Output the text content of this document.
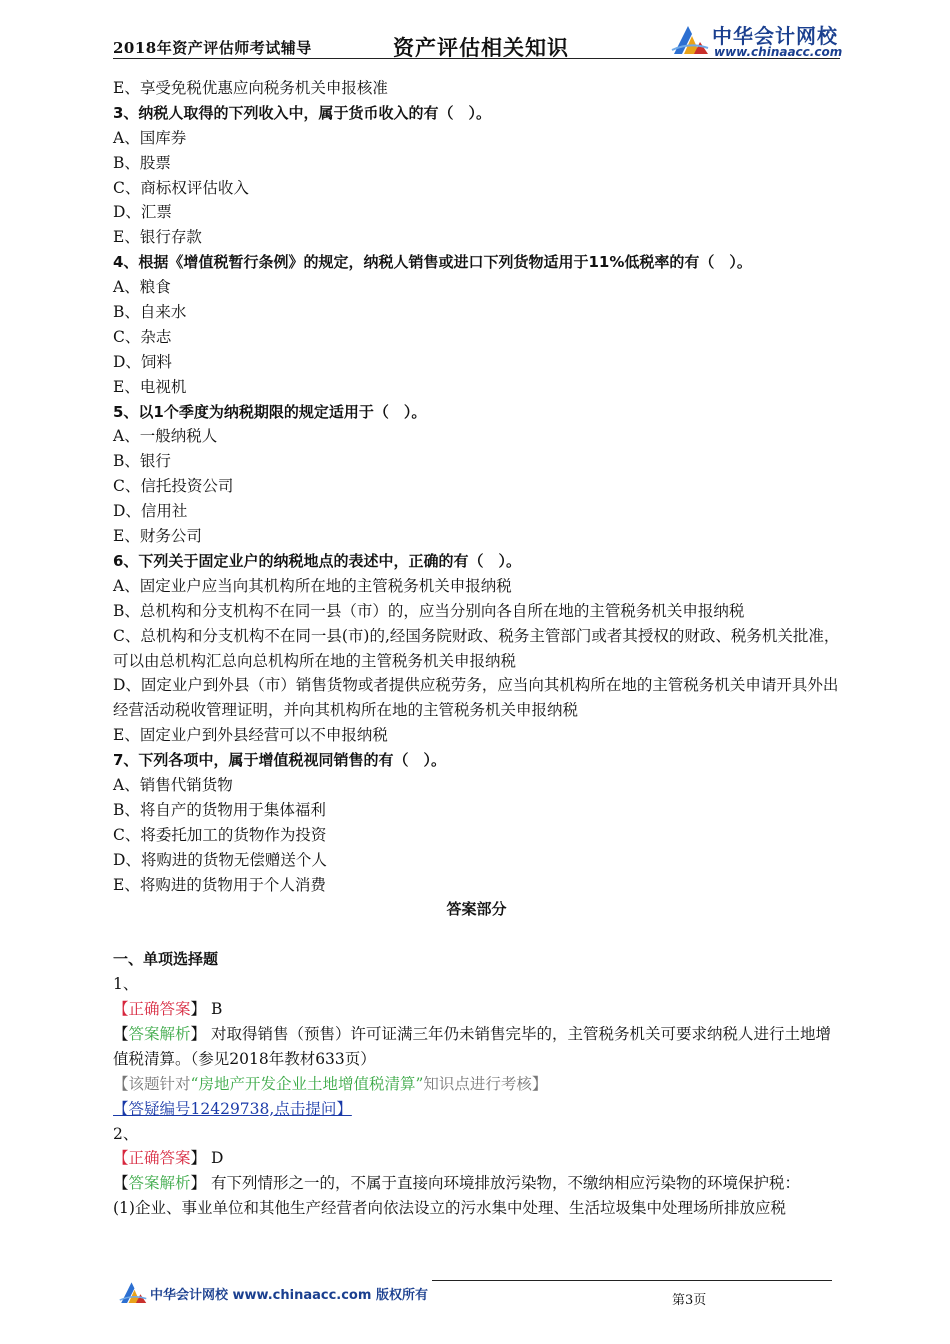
2018年资产评估师考试辅导	资产评估相关知识	中华会计网校
www.chinaacc.com
E、享受免税优惠应向税务机关申报核准
3、纳税人取得的下列收入中，属于货币收入的有（　）。
A、国库券
B、股票
C、商标权评估收入
D、汇票
E、银行存款
4、根据《增值税暂行条例》的规定，纳税人销售或进口下列货物适用于11%低税率的有（　）。
A、粮食
B、自来水
C、杂志
D、饲料
E、电视机
5、以1个季度为纳税期限的规定适用于（　）。
A、一般纳税人
B、银行
C、信托投资公司
D、信用社
E、财务公司
6、下列关于固定业户的纳税地点的表述中，正确的有（　）。
A、固定业户应当向其机构所在地的主管税务机关申报纳税
B、总机构和分支机构不在同一县（市）的，应当分别向各自所在地的主管税务机关申报纳税
C、总机构和分支机构不在同一县(市)的,经国务院财政、税务主管部门或者其授权的财政、税务机关批准，可以由总机构汇总向总机构所在地的主管税务机关申报纳税
D、固定业户到外县（市）销售货物或者提供应税劳务，应当向其机构所在地的主管税务机关申请开具外出经营活动税收管理证明，并向其机构所在地的主管税务机关申报纳税
E、固定业户到外县经营可以不申报纳税
7、下列各项中，属于增值税视同销售的有（　）。
A、销售代销货物
B、将自产的货物用于集体福利
C、将委托加工的货物作为投资
D、将购进的货物无偿赠送个人
E、将购进的货物用于个人消费
答案部分
一、单项选择题
1、
【正确答案】 B
【答案解析】 对取得销售（预售）许可证满三年仍未销售完毕的，主管税务机关可要求纳税人进行土地增值税清算。（参见2018年教材633页）
【该题针对“房地产开发企业土地增值税清算”知识点进行考核】
【答疑编号12429738,点击提问】
2、
【正确答案】 D
【答案解析】 有下列情形之一的，不属于直接向环境排放污染物，不缴纳相应污染物的环境保护税：
(1)企业、事业单位和其他生产经营者向依法设立的污水集中处理、生活垃圾集中处理场所排放应税
中华会计网校 www.chinaacc.com 版权所有	第3页
